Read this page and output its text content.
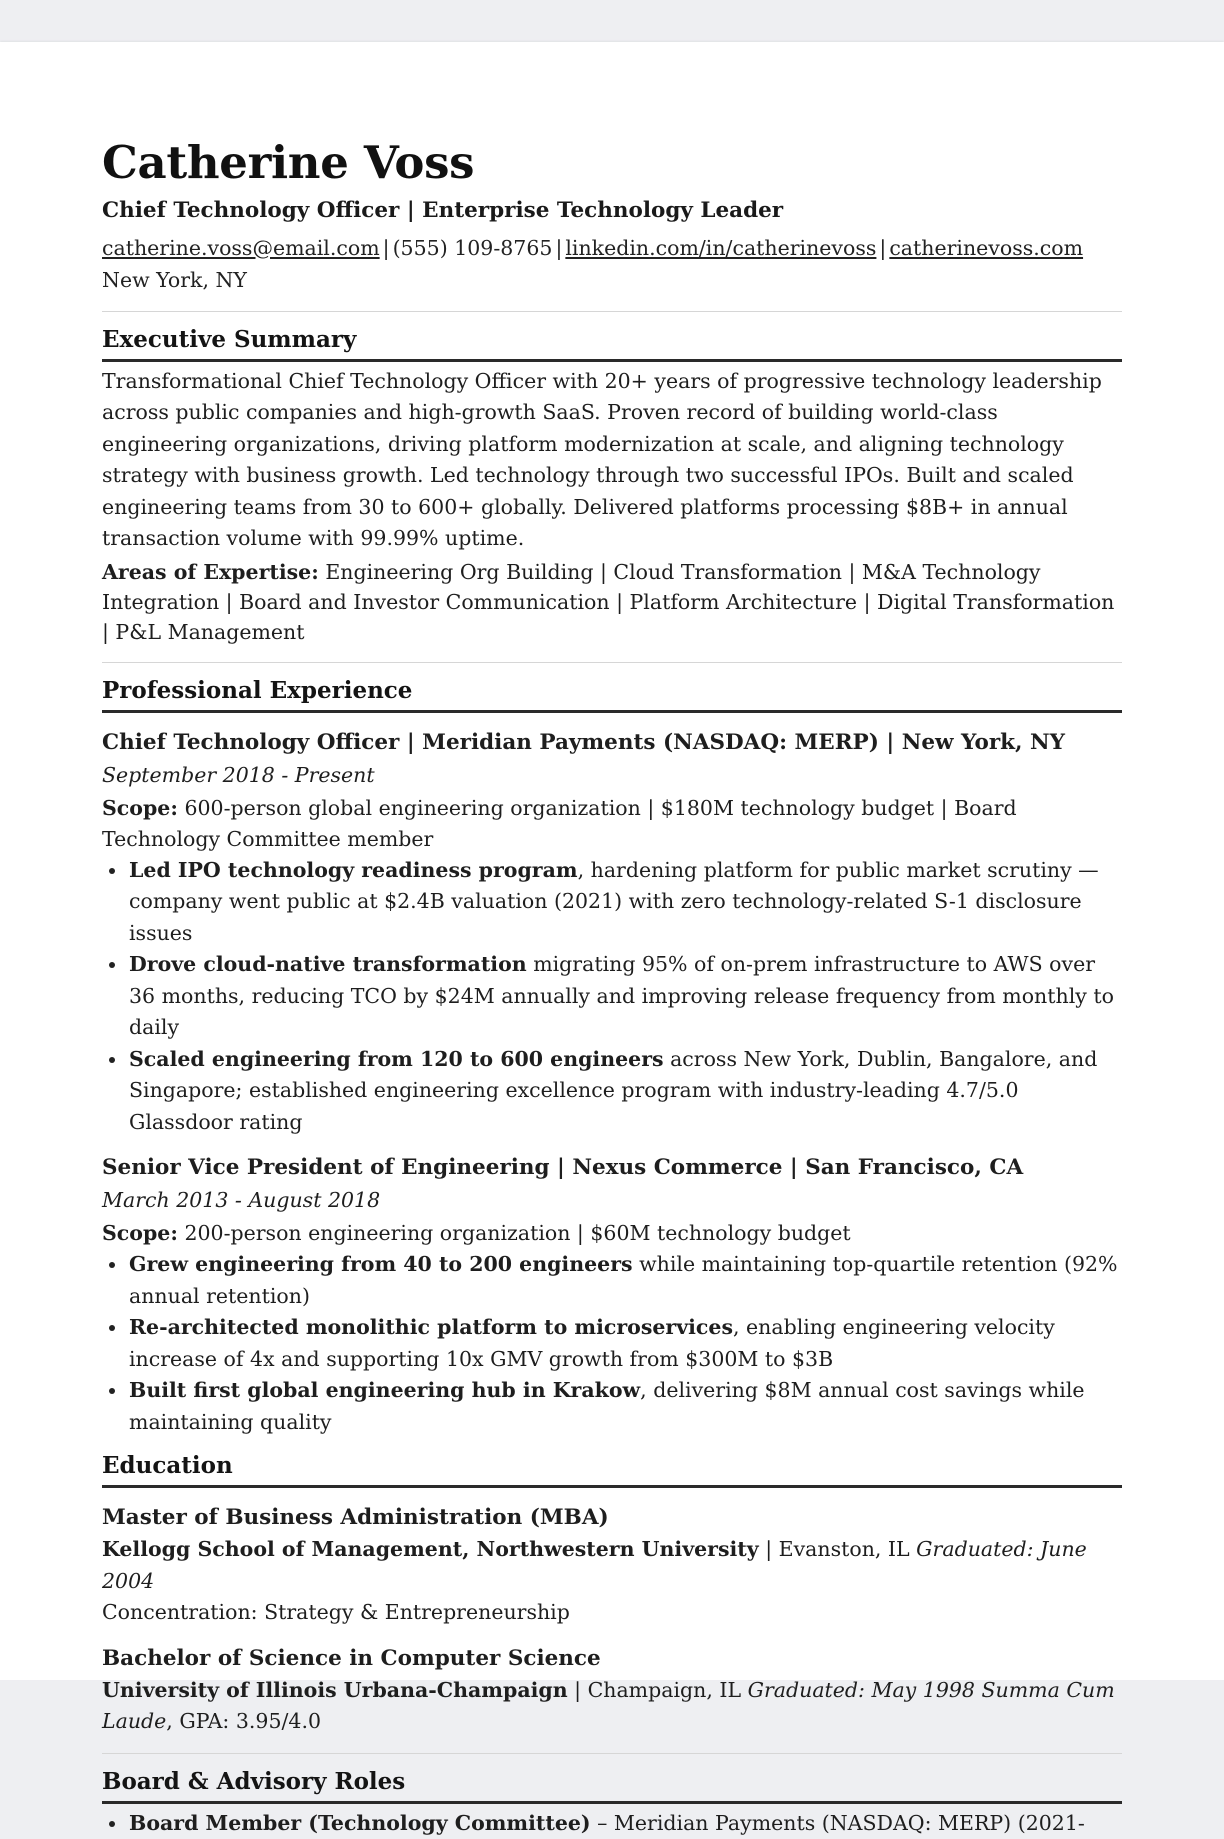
Catherine Voss
Chief Technology Officer | Enterprise Technology Leader
catherine.voss@email.com | (555) 109-8765 | linkedin.com/in/catherinevoss | catherinevoss.com
New York, NY
Executive Summary
Transformational Chief Technology Officer with 20+ years of progressive technology leadership across public companies and high-growth SaaS. Proven record of building world-class engineering organizations, driving platform modernization at scale, and aligning technology strategy with business growth. Led technology through two successful IPOs. Built and scaled engineering teams from 30 to 600+ globally. Delivered platforms processing $8B+ in annual transaction volume with 99.99% uptime.
Areas of Expertise: Engineering Org Building | Cloud Transformation | M&A Technology Integration | Board and Investor Communication | Platform Architecture | Digital Transformation | P&L Management
Professional Experience
Chief Technology Officer | Meridian Payments (NASDAQ: MERP) | New York, NY
September 2018 - Present
Scope: 600-person global engineering organization | $180M technology budget | Board Technology Committee member
Led IPO technology readiness program, hardening platform for public market scrutiny — company went public at $2.4B valuation (2021) with zero technology-related S-1 disclosure issues
Drove cloud-native transformation migrating 95% of on-prem infrastructure to AWS over 36 months, reducing TCO by $24M annually and improving release frequency from monthly to daily
Scaled engineering from 120 to 600 engineers across New York, Dublin, Bangalore, and Singapore; established engineering excellence program with industry-leading 4.7/5.0 Glassdoor rating
Senior Vice President of Engineering | Nexus Commerce | San Francisco, CA
March 2013 - August 2018
Scope: 200-person engineering organization | $60M technology budget
Grew engineering from 40 to 200 engineers while maintaining top-quartile retention (92% annual retention)
Re-architected monolithic platform to microservices, enabling engineering velocity increase of 4x and supporting 10x GMV growth from $300M to $3B
Built first global engineering hub in Krakow, delivering $8M annual cost savings while maintaining quality
Education
Master of Business Administration (MBA)
Kellogg School of Management, Northwestern University | Evanston, IL Graduated: June 2004
Concentration: Strategy & Entrepreneurship
Bachelor of Science in Computer Science
University of Illinois Urbana-Champaign | Champaign, IL Graduated: May 1998 Summa Cum Laude, GPA: 3.95/4.0
Board & Advisory Roles
Board Member (Technology Committee) – Meridian Payments (NASDAQ: MERP) (2021-
